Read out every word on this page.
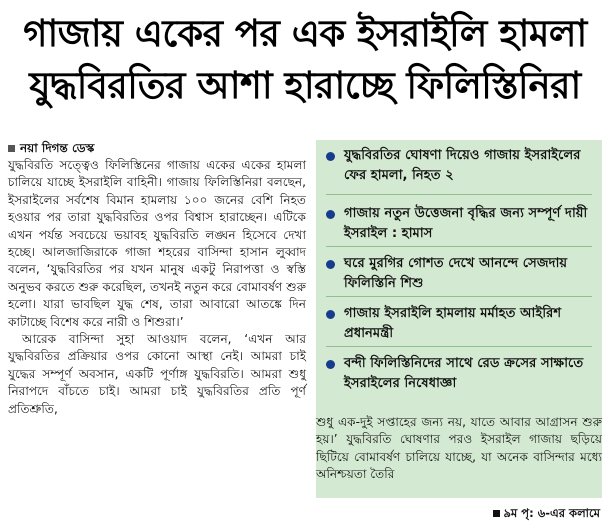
গাজায় একের পর এক ইসরাইলি হামলা
যুদ্ধবিরতির আশা হারাচ্ছে ফিলিস্তিনিরা
নয়া দিগন্ত ডেস্ক

যুদ্ধবিরতি সত্ত্বেও ফিলিস্তিনের গাজায় একের একের হামলা চালিয়ে যাচ্ছে ইসরাইলি বাহিনী। গাজায় ফিলিস্তিনিরা বলছেন, ইসরাইলের সর্বশেষ বিমান হামলায় ১০০ জনের বেশি নিহত হওয়ার পর তারা যুদ্ধবিরতির ওপর বিশ্বাস হারাচ্ছেন। এটিকে এখন পর্যন্ত সবচেয়ে ভয়াবহ যুদ্ধবিরতি লঙ্ঘন হিসেবে দেখা হচ্ছে। আলজাজিরাকে গাজা শহরের বাসিন্দা হাসান লুব্বাদ বলেন, ‘যুদ্ধবিরতির পর যখন মানুষ একটু নিরাপত্তা ও স্বস্তি অনুভব করতে শুরু করেছিল, তখনই নতুন করে বোমাবর্ষণ শুরু হলো। যারা ভাবছিল যুদ্ধ শেষ, তারা আবারো আতঙ্কে দিন কাটাচ্ছে বিশেষ করে নারী ও শিশুরা।’

আরেক বাসিন্দা সুহা আওয়াদ বলেন, ‘এখন আর যুদ্ধবিরতির প্রক্রিয়ার ওপর কোনো আস্থা নেই। আমরা চাই যুদ্ধের সম্পূর্ণ অবসান, একটি পূর্ণাঙ্গ যুদ্ধবিরতি। আমরা শুধু নিরাপদে বাঁচতে চাই। আমরা চাই যুদ্ধবিরতির প্রতি পূর্ণ প্রতিশ্রুতি,

যুদ্ধবিরতির ঘোষণা দিয়েও গাজায় ইসরাইলের ফের হামলা, নিহত ২
গাজায় নতুন উত্তেজনা বৃদ্ধির জন্য সম্পূর্ণ দায়ী ইসরাইল : হামাস
ঘরে মুরগির গোশত দেখে আনন্দে সেজদায় ফিলিস্তিনি শিশু
গাজায় ইসরাইলি হামলায় মর্মাহত আইরিশ প্রধানমন্ত্রী
বন্দী ফিলিস্তিনিদের সাথে রেড ক্রসের সাক্ষাতে ইসরাইলের নিষেধাজ্ঞা

শুধু এক-দুই সপ্তাহের জন্য নয়, যাতে আবার আগ্রাসন শুরু হয়।’ যুদ্ধবিরতি ঘোষণার পরও ইসরাইল গাজায় ছড়িয়ে ছিটিয়ে বোমাবর্ষণ চালিয়ে যাচ্ছে, যা অনেক বাসিন্দার মধ্যে অনিশ্চয়তা তৈরি

৯ম পৃ: ৬-এর কলামে
